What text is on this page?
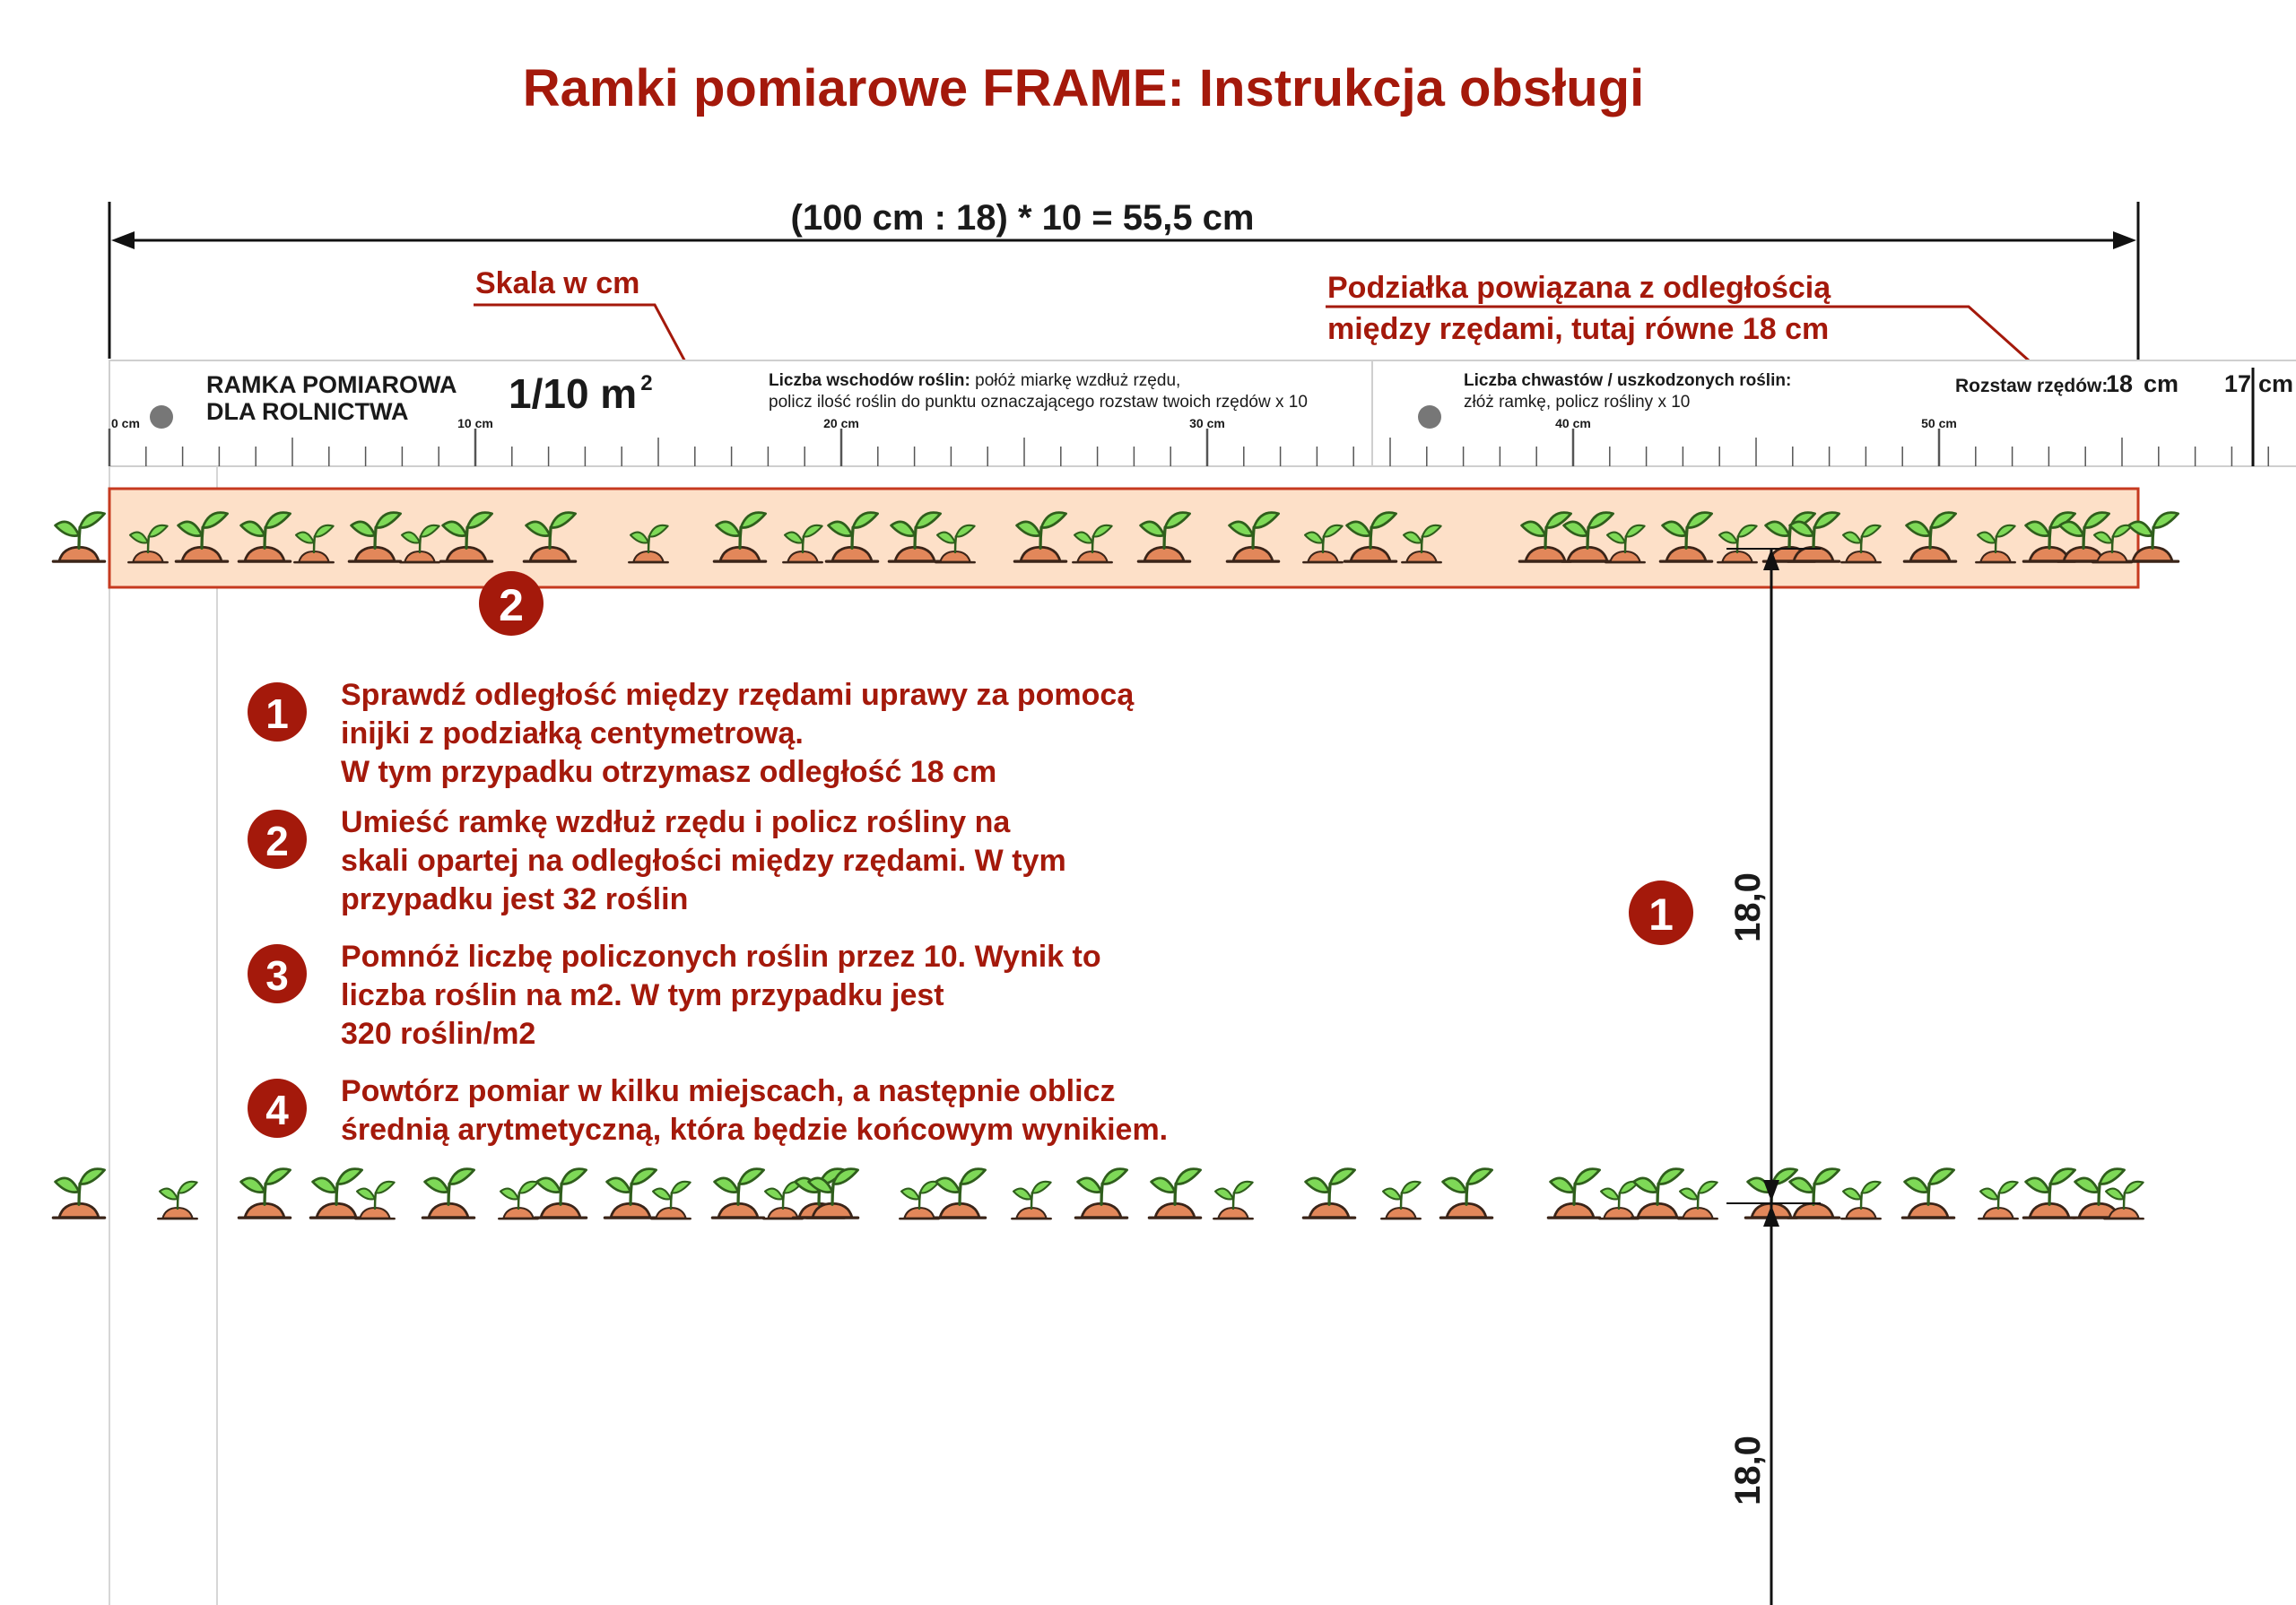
Ramki pomiarowe FRAME: Instrukcja obsługi
(100 cm : 18) * 10 = 55,5 cm
Skala w cm	Podziałka powiązana z odległością
między rzędami, tutaj równe 18 cm
RAMKA POMIAROWA
DLA ROLNICTWA 1/10 m $^2$	Liczba wschodów roślin: połóż miarkę wzdłuż rzędu,
policz ilość roślin do punktu oznaczającego rozstaw twoich rzędów x 10
Liczba chwastów / uszkodzonych roślin:
złóż ramkę, policz rośliny x 10
Rozstaw rzędów:
18 cm 17 cm
0 cm	10 cm	20 cm	30 cm	40 cm	50 cm
2
18,0
18,0
1
1 Sprawdź odległość między rzędami uprawy za pomocą
inijki z podziałką centymetrową.
W tym przypadku otrzymasz odległość 18 cm
2 Umieść ramkę wzdłuż rzędu i policz rośliny na
skali opartej na odległości między rzędami. W tym
przypadku jest 32 roślin
3 Pomnóż liczbę policzonych roślin przez 10. Wynik to
liczba roślin na m2. W tym przypadku jest
320 roślin/m2
4 Powtórz pomiar w kilku miejscach, a następnie oblicz
średnią arytmetyczną, która będzie końcowym wynikiem.
